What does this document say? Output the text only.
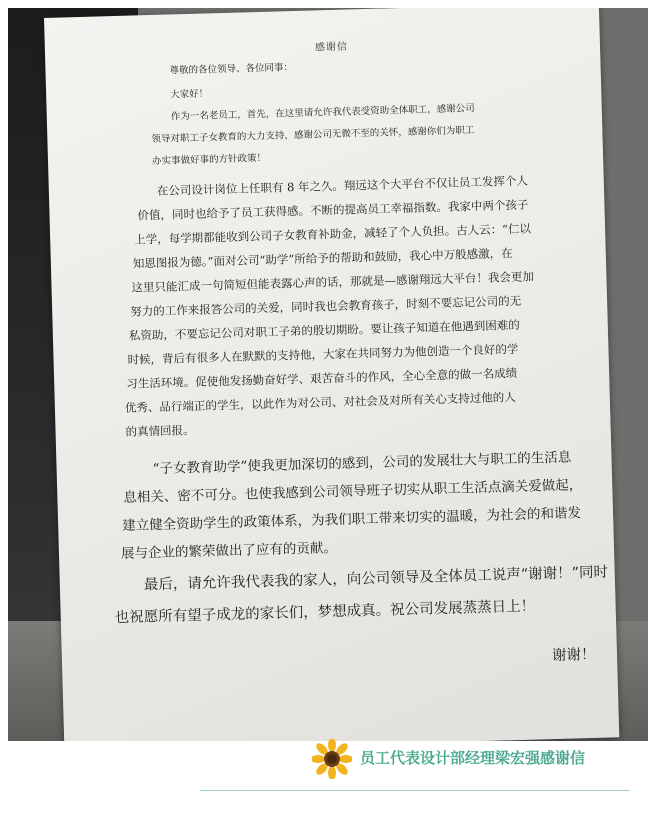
感谢信
尊敬的各位领导、各位同事：
大家好！
作为一名老员工，首先，在这里请允许我代表受资助全体职工，感谢公司
领导对职工子女教育的大力支持，感谢公司无微不至的关怀，感谢你们为职工
办实事做好事的方针政策！
在公司设计岗位上任职有 8 年之久。翔远这个大平台不仅让员工发挥个人
价值，同时也给予了员工获得感。不断的提高员工幸福指数。我家中两个孩子
上学，每学期都能收到公司子女教育补助金，减轻了个人负担。古人云：“仁以
知恩图报为德。”面对公司“助学”所给予的帮助和鼓励，我心中万般感激，在
这里只能汇成一句简短但能表露心声的话，那就是—感谢翔远大平台！我会更加
努力的工作来报答公司的关爱，同时我也会教育孩子，时刻不要忘记公司的无
私资助，不要忘记公司对职工子弟的殷切期盼。要让孩子知道在他遇到困难的
时候，背后有很多人在默默的支持他，大家在共同努力为他创造一个良好的学
习生活环境。促使他发扬勤奋好学、艰苦奋斗的作风，全心全意的做一名成绩
优秀、品行端正的学生，以此作为对公司、对社会及对所有关心支持过他的人
的真情回报。
“子女教育助学”使我更加深切的感到，公司的发展壮大与职工的生活息
息相关、密不可分。也使我感到公司领导班子切实从职工生活点滴关爱做起，
建立健全资助学生的政策体系，为我们职工带来切实的温暖，为社会的和谐发
展与企业的繁荣做出了应有的贡献。
最后，请允许我代表我的家人，向公司领导及全体员工说声“谢谢！”同时
也祝愿所有望子成龙的家长们，梦想成真。祝公司发展蒸蒸日上！
谢谢！
员工代表设计部经理梁宏强感谢信
